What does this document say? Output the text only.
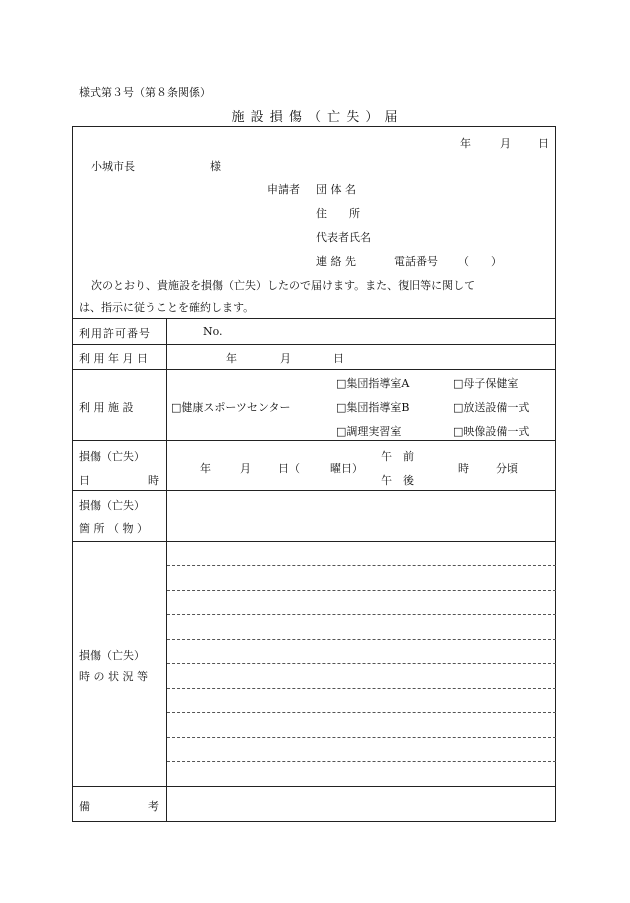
様式第３号（第８条関係）
施 設 損 傷 （ 亡 失 ） 届
年	月 日
小城市長	様
申請者 団 体 名
住　　所
代表者氏名
連 絡 先	電話番号 （　　）
次のとおり、貴施設を損傷（亡失）したので届けます。また、復旧等に関して
は、指示に従うことを確約します。
利用許可番号	No.
利 用 年 月 日	年	月	日
利 用 施 設
□	健康スポーツセンター
□ 集団指導室A
□ 集団指導室B
□ 調理実習室
□ 母子保健室
□ 放送設備一式
□ 映像設備一式
損傷（亡失）
日	時
年	月 日（	曜日）
午　前
午　後
時 分頃
損傷（亡失）
箇 所 （ 物 ）
損傷（亡失）
時 の 状 況 等
備	考
